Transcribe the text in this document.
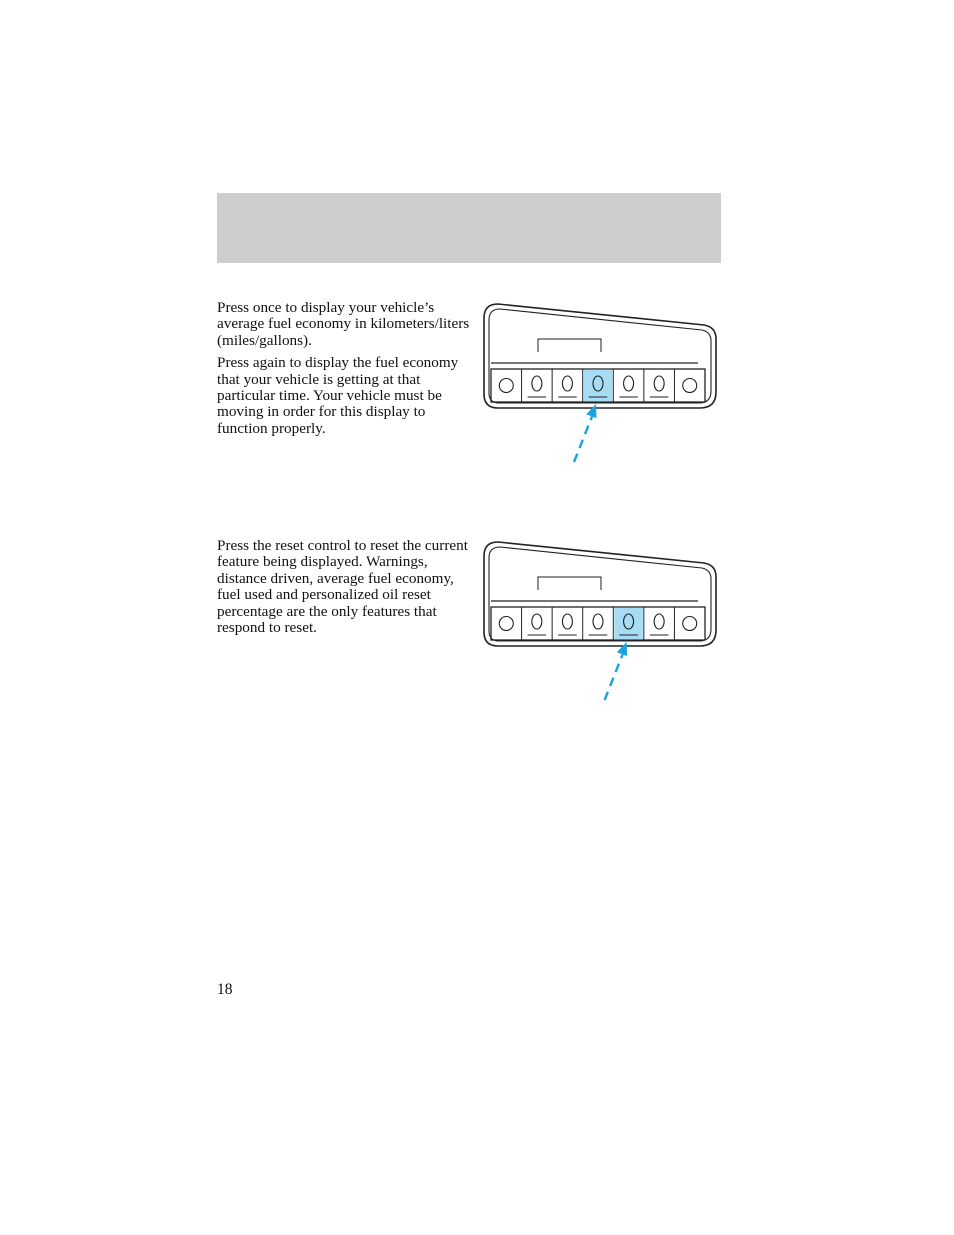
Press once to display your vehicle’s average fuel economy in kilometers/liters (miles/gallons).

Press again to display the fuel economy that your vehicle is getting at that particular time. Your vehicle must be moving in order for this display to function properly.

Press the reset control to reset the current feature being displayed. Warnings, distance driven, average fuel economy, fuel used and personalized oil reset percentage are the only features that respond to reset.

18
